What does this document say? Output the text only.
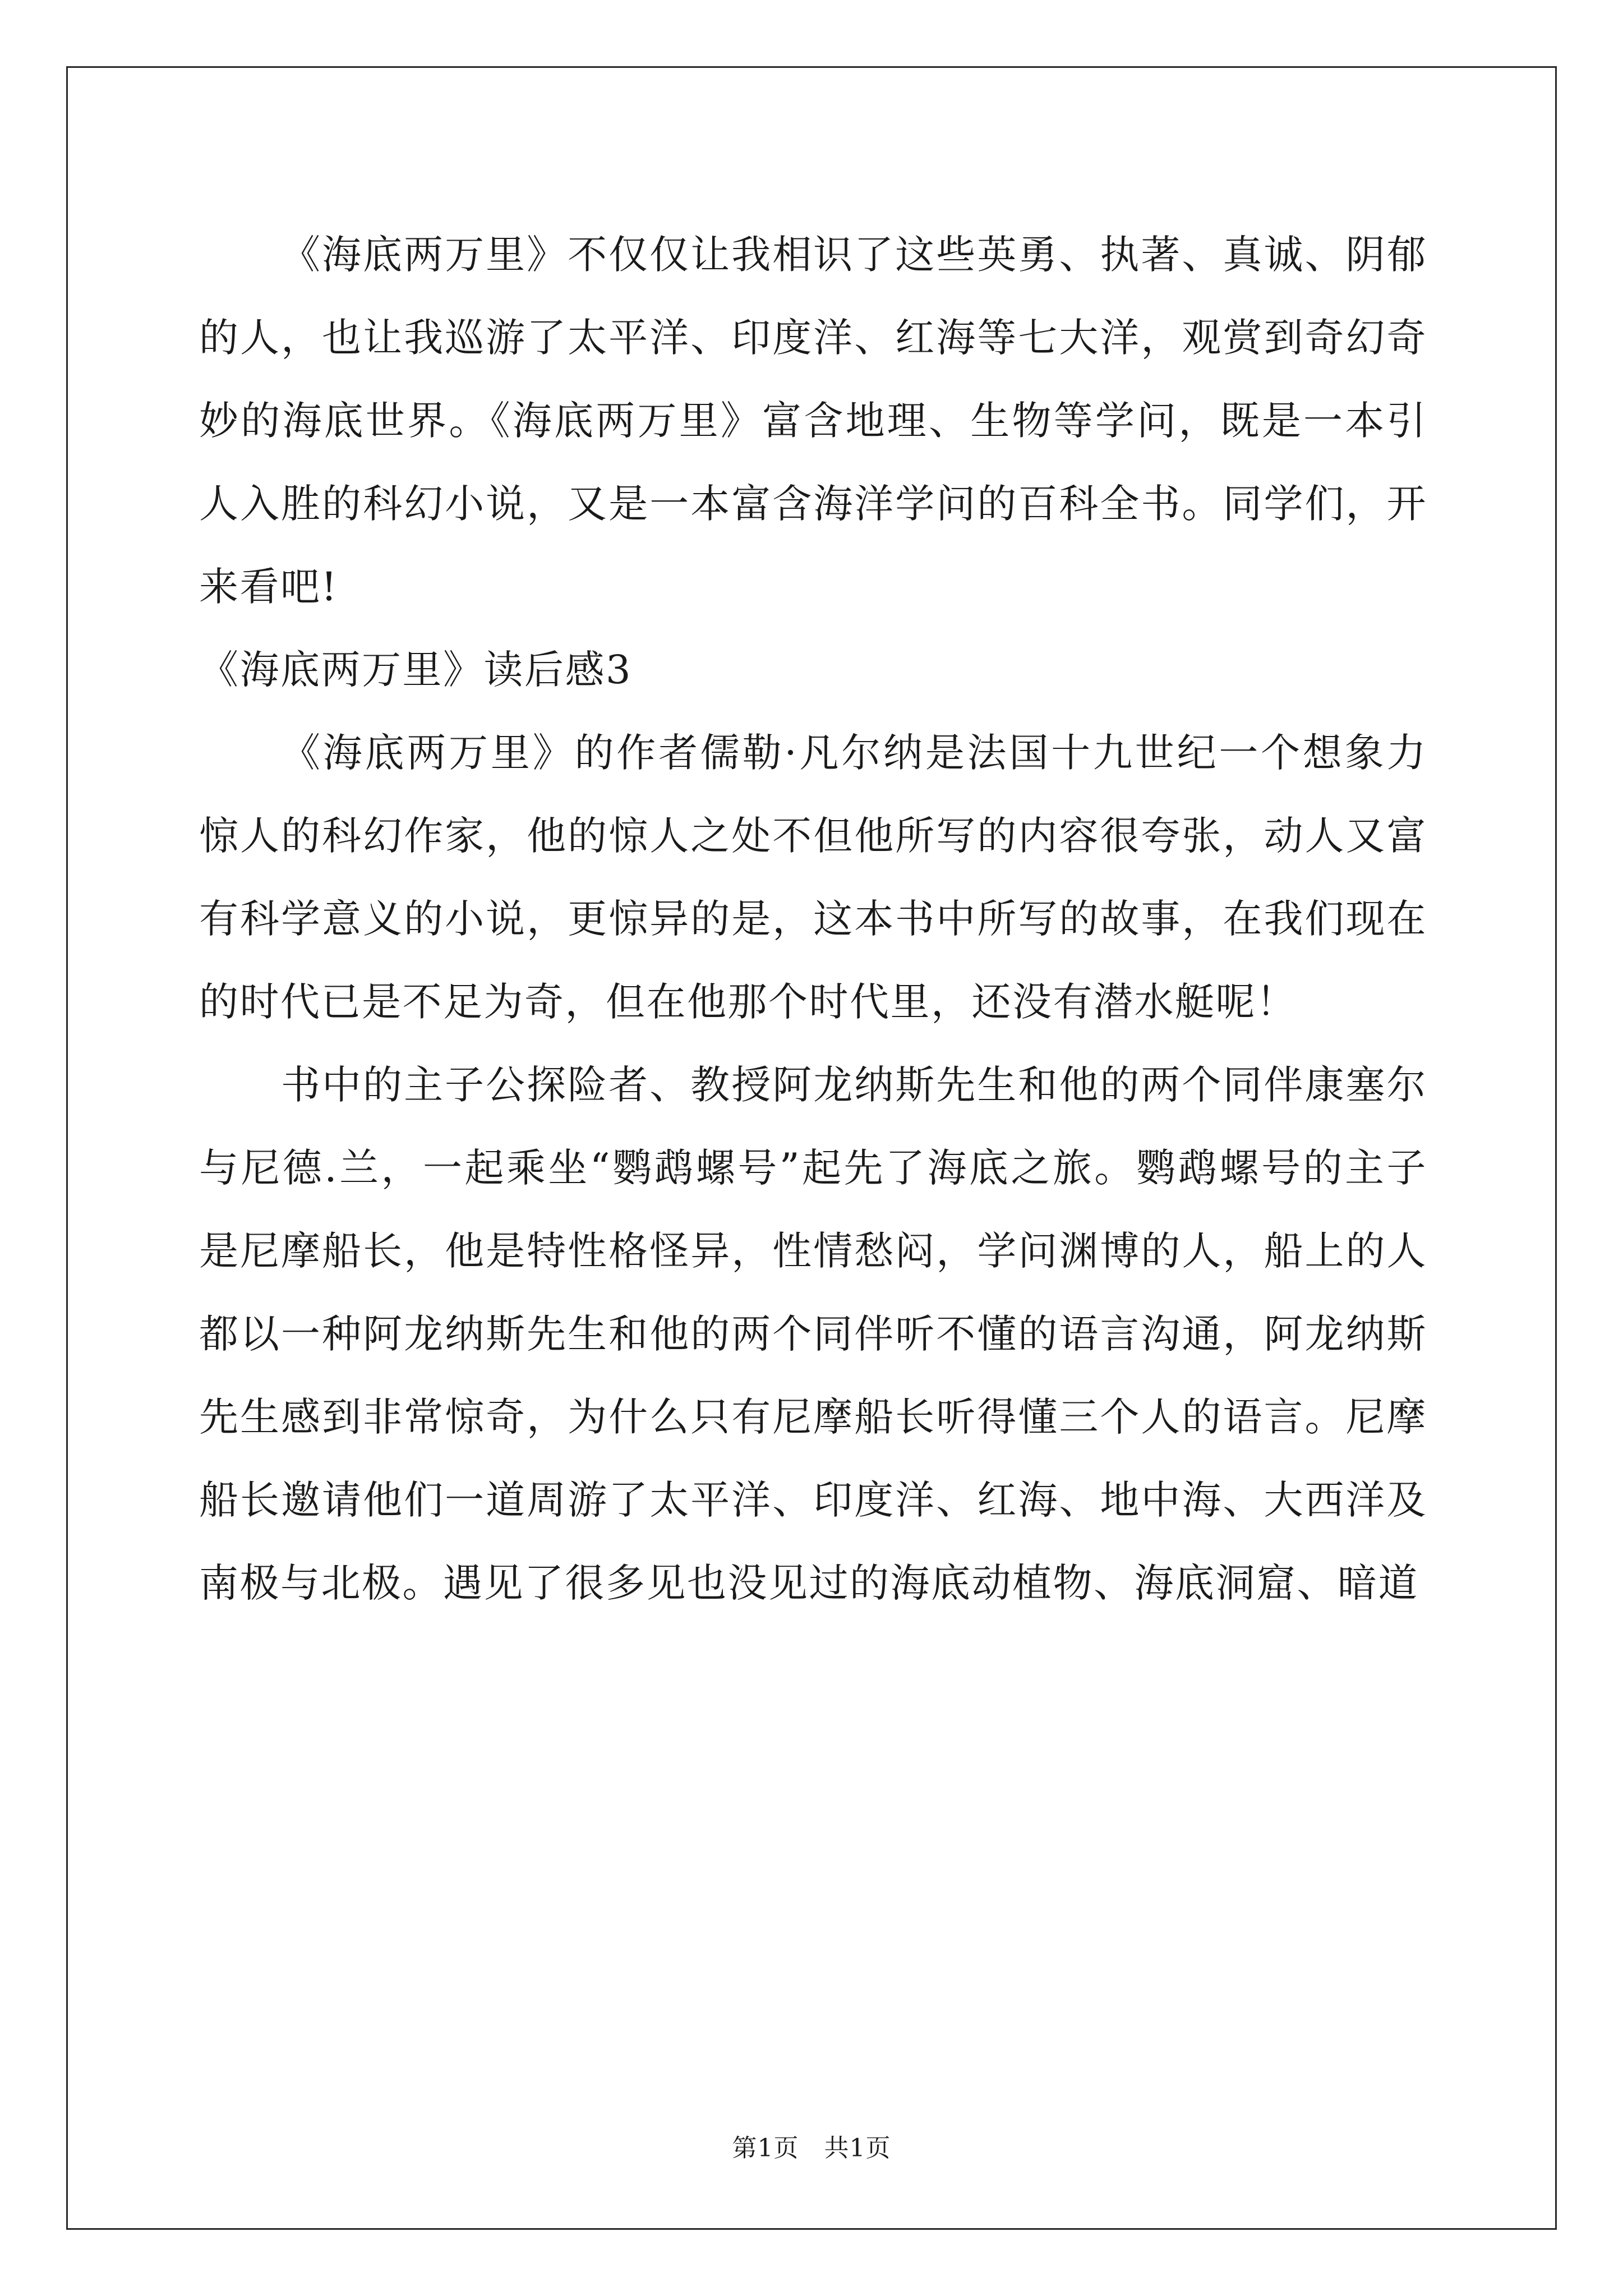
《海底两万里》不仅仅让我相识了这些英勇、执著、真诚、阴郁的人，也让我巡游了太平洋、印度洋、红海等七大洋，观赏到奇幻奇妙的海底世界。《海底两万里》富含地理、生物等学问，既是一本引人入胜的科幻小说，又是一本富含海洋学问的百科全书。同学们，开来看吧!

《海底两万里》读后感3

《海底两万里》的作者儒勒·凡尔纳是法国十九世纪一个想象力惊人的科幻作家，他的惊人之处不但他所写的内容很夸张，动人又富有科学意义的小说，更惊异的是，这本书中所写的故事，在我们现在的时代已是不足为奇，但在他那个时代里，还没有潜水艇呢！

书中的主子公探险者、教授阿龙纳斯先生和他的两个同伴康塞尔与尼德.兰，一起乘坐“鹦鹉螺号”起先了海底之旅。鹦鹉螺号的主子是尼摩船长，他是特性格怪异，性情愁闷，学问渊博的人，船上的人都以一种阿龙纳斯先生和他的两个同伴听不懂的语言沟通，阿龙纳斯先生感到非常惊奇，为什么只有尼摩船长听得懂三个人的语言。尼摩船长邀请他们一道周游了太平洋、印度洋、红海、地中海、大西洋及南极与北极。遇见了很多见也没见过的海底动植物、海底洞窟、暗道

第1页　共1页
